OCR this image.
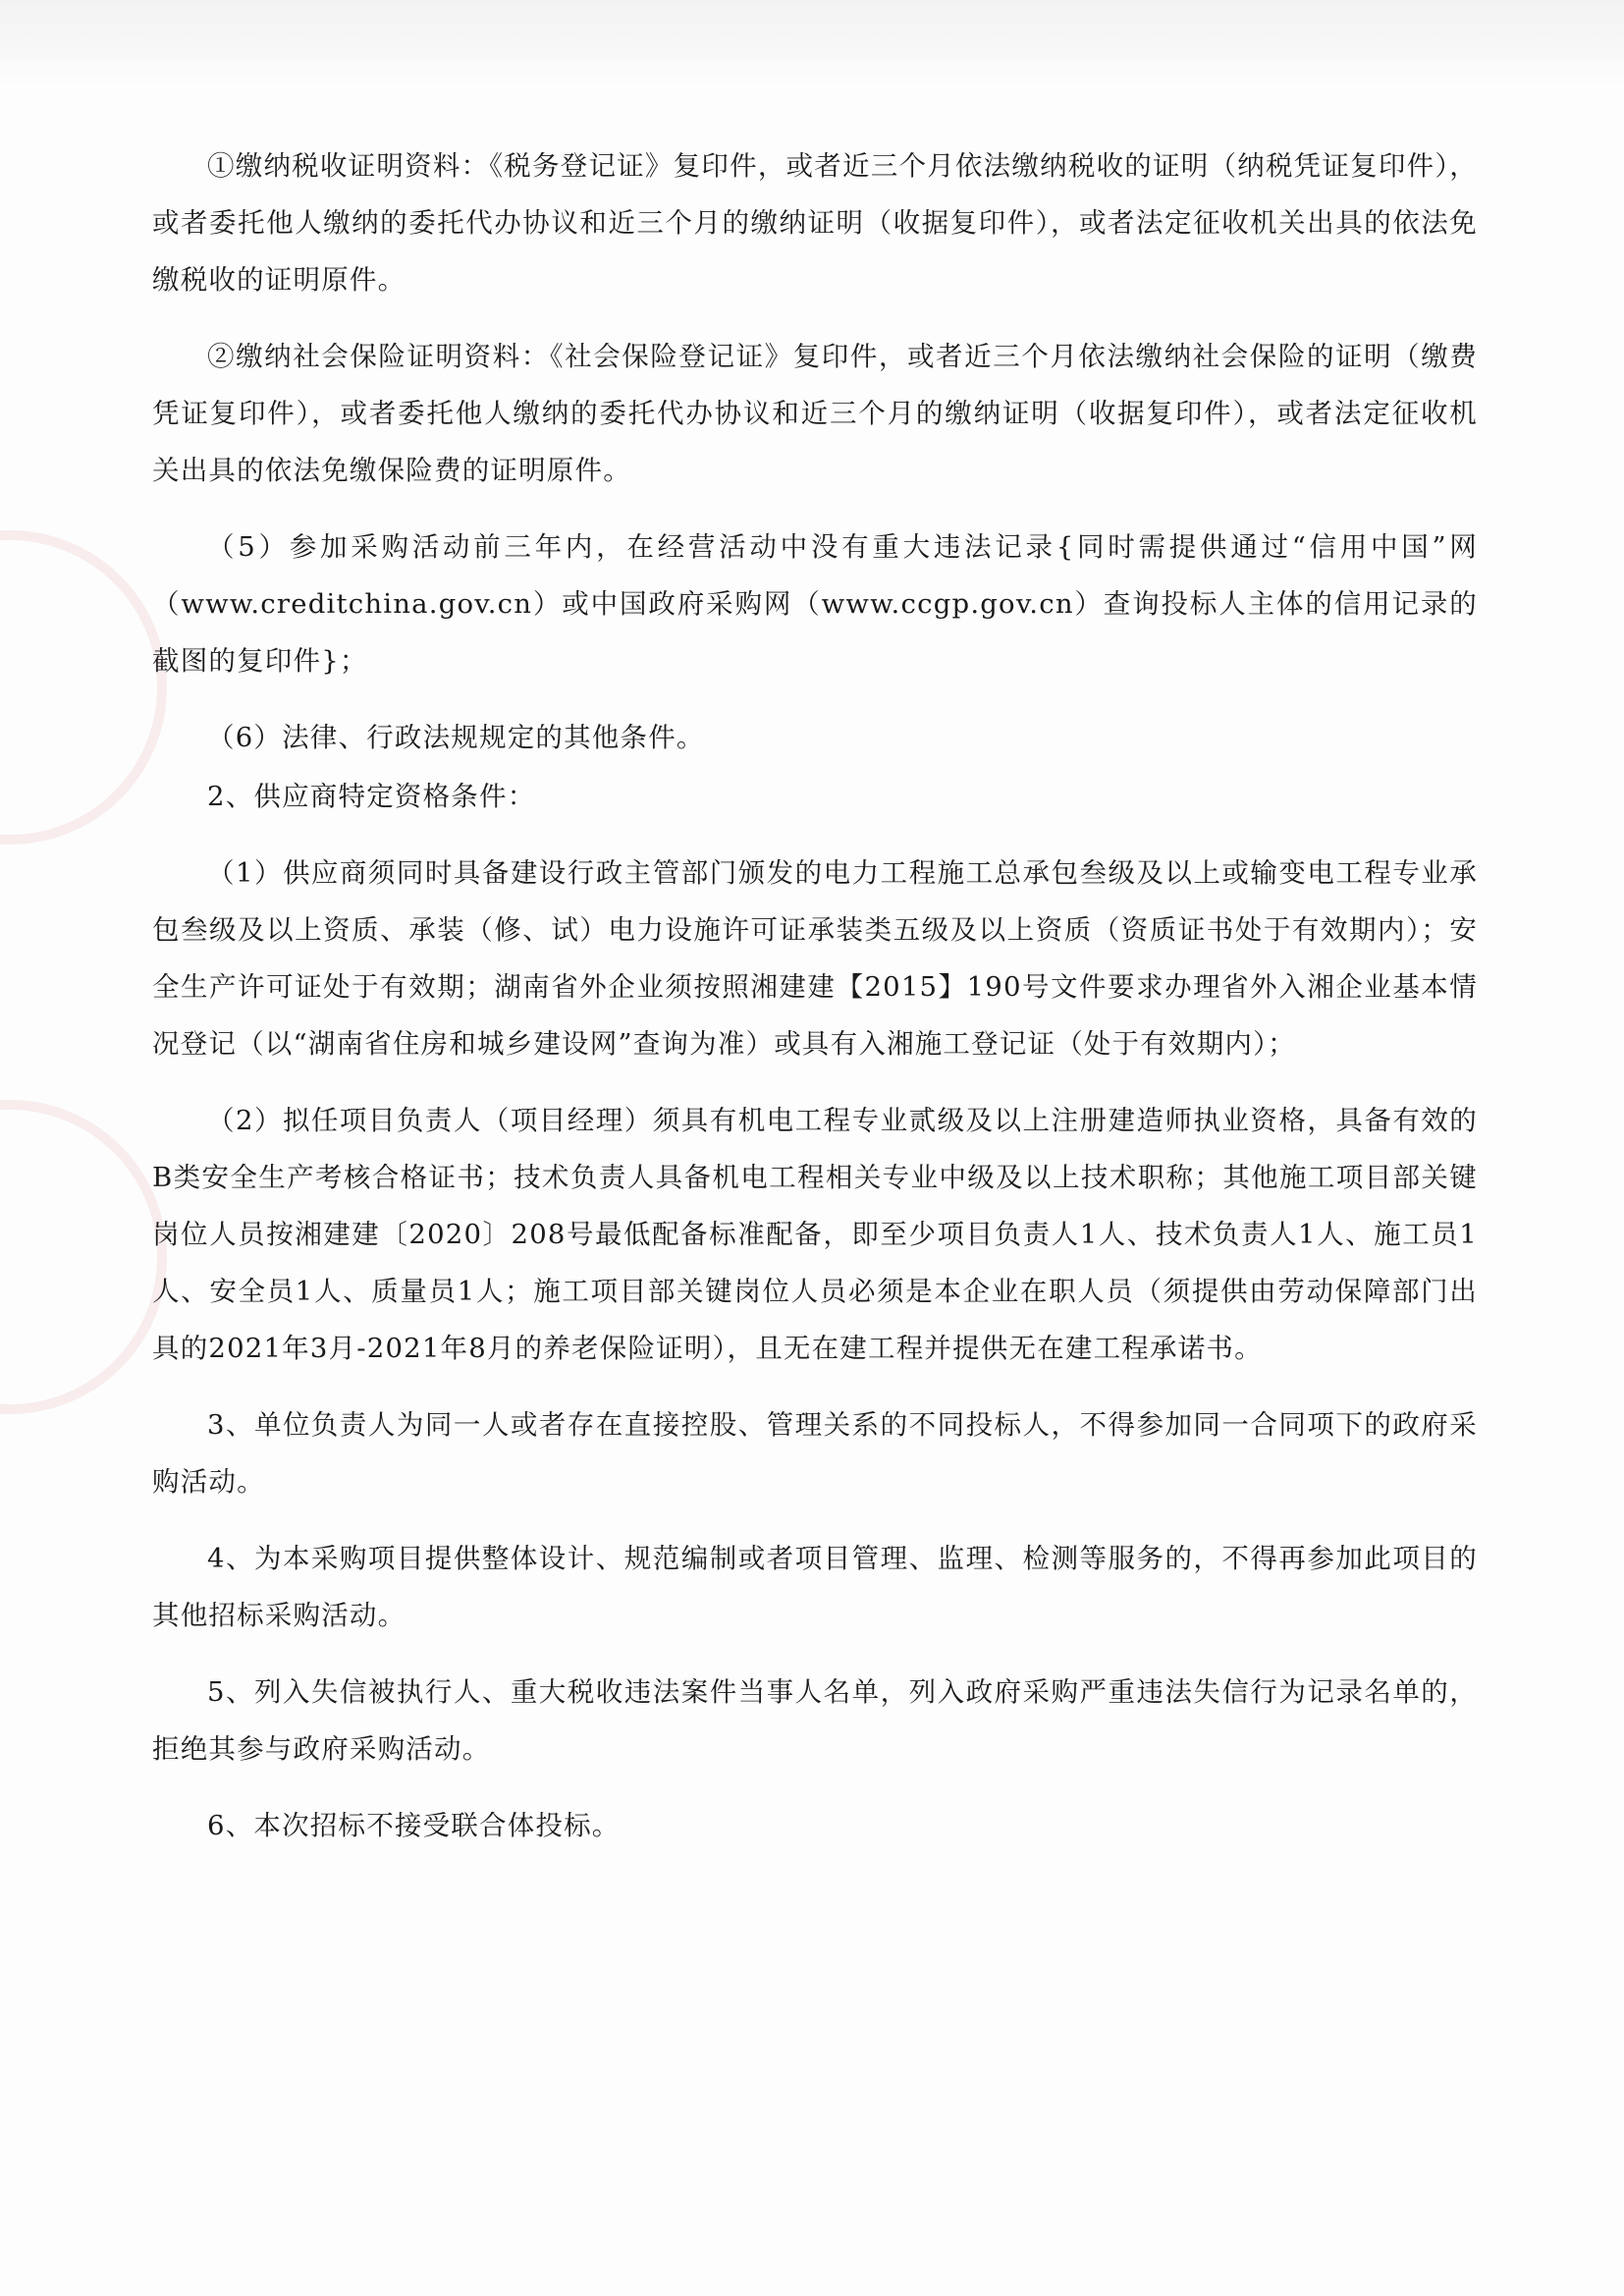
①缴纳税收证明资料：《税务登记证》复印件，或者近三个月依法缴纳税收的证明（纳税凭证复印件），或者委托他人缴纳的委托代办协议和近三个月的缴纳证明（收据复印件），或者法定征收机关出具的依法免缴税收的证明原件。

②缴纳社会保险证明资料：《社会保险登记证》复印件，或者近三个月依法缴纳社会保险的证明（缴费凭证复印件），或者委托他人缴纳的委托代办协议和近三个月的缴纳证明（收据复印件），或者法定征收机关出具的依法免缴保险费的证明原件。

（5）参加采购活动前三年内，在经营活动中没有重大违法记录{同时需提供通过“信用中国”网（www.creditchina.gov.cn）或中国政府采购网（www.ccgp.gov.cn）查询投标人主体的信用记录的截图的复印件}；

（6）法律、行政法规规定的其他条件。

2、供应商特定资格条件：

（1）供应商须同时具备建设行政主管部门颁发的电力工程施工总承包叁级及以上或输变电工程专业承包叁级及以上资质、承装（修、试）电力设施许可证承装类五级及以上资质（资质证书处于有效期内）；安全生产许可证处于有效期；湖南省外企业须按照湘建建【2015】190号文件要求办理省外入湘企业基本情况登记（以“湖南省住房和城乡建设网”查询为准）或具有入湘施工登记证（处于有效期内）；

（2）拟任项目负责人（项目经理）须具有机电工程专业贰级及以上注册建造师执业资格，具备有效的B类安全生产考核合格证书；技术负责人具备机电工程相关专业中级及以上技术职称；其他施工项目部关键岗位人员按湘建建〔2020〕208号最低配备标准配备，即至少项目负责人1人、技术负责人1人、施工员1人、安全员1人、质量员1人；施工项目部关键岗位人员必须是本企业在职人员（须提供由劳动保障部门出具的2021年3月-2021年8月的养老保险证明），且无在建工程并提供无在建工程承诺书。

3、单位负责人为同一人或者存在直接控股、管理关系的不同投标人，不得参加同一合同项下的政府采购活动。

4、为本采购项目提供整体设计、规范编制或者项目管理、监理、检测等服务的，不得再参加此项目的其他招标采购活动。

5、列入失信被执行人、重大税收违法案件当事人名单，列入政府采购严重违法失信行为记录名单的，拒绝其参与政府采购活动。

6、本次招标不接受联合体投标。
